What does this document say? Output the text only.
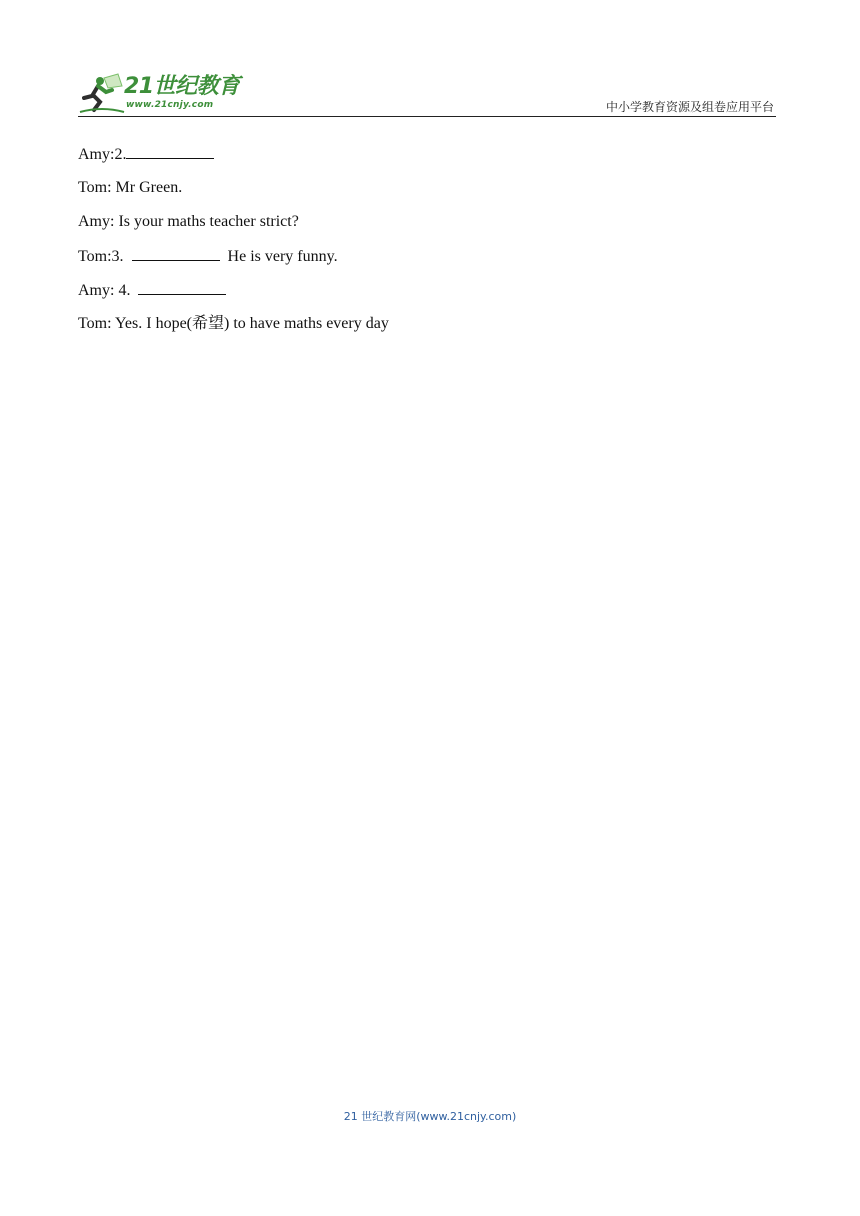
21世纪教育
www.21cnjy.com	中小学教育资源及组卷应用平台
Amy:2.
Tom: Mr Green.
Amy: Is your maths teacher strict?
Tom:3.	He is very funny.
Amy: 4.
Tom: Yes. I hope(希望) to have maths every day
21 世纪教育网(www.21cnjy.com)
